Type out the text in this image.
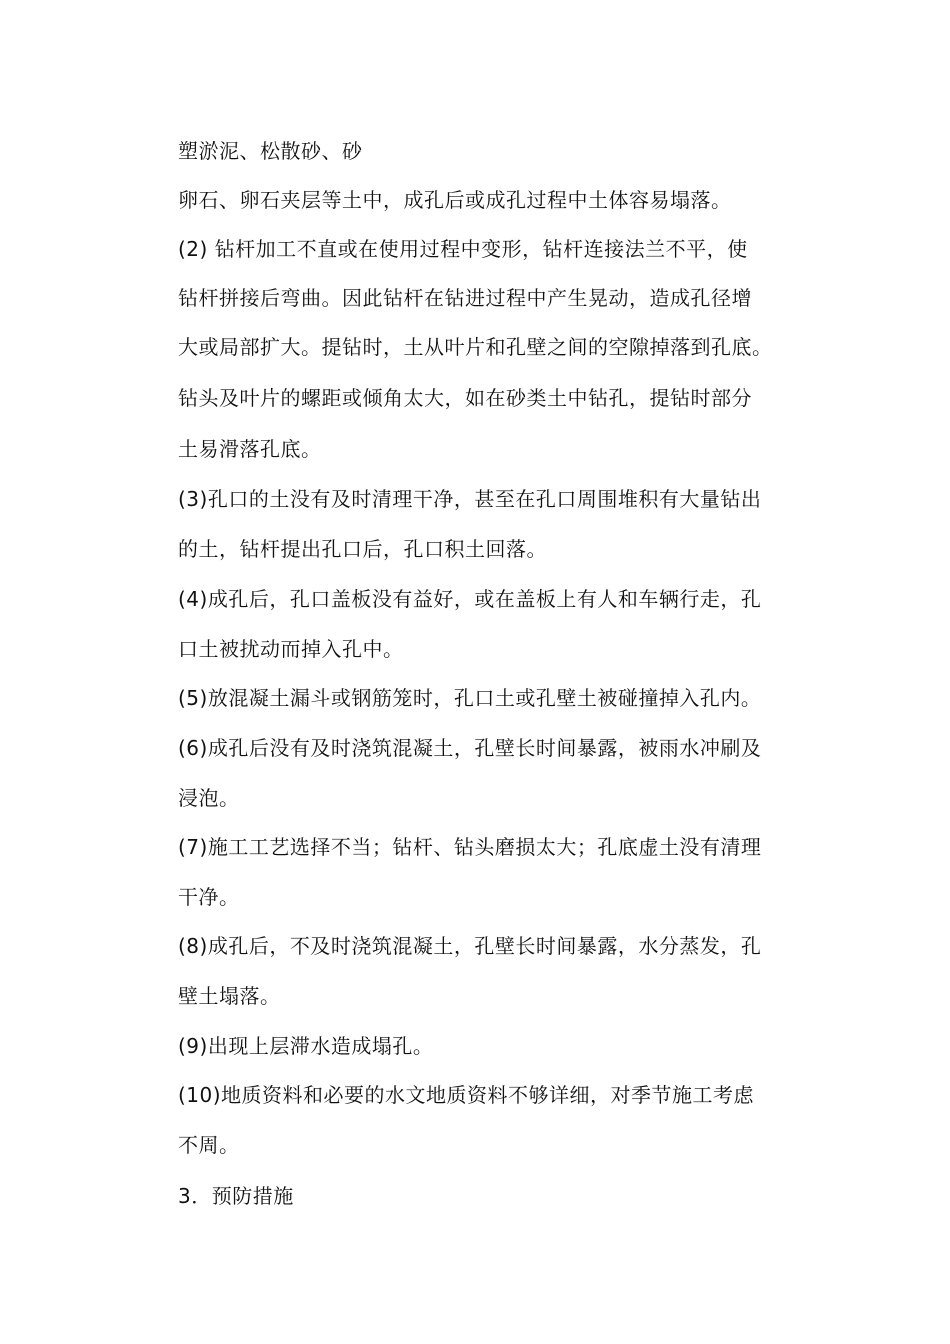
塑淤泥、松散砂、砂
卵石、卵石夹层等土中，成孔后或成孔过程中土体容易塌落。
(2) 钻杆加工不直或在使用过程中变形，钻杆连接法兰不平，使
钻杆拼接后弯曲。因此钻杆在钻进过程中产生晃动，造成孔径增
大或局部扩大。提钻时，土从叶片和孔壁之间的空隙掉落到孔底。
钻头及叶片的螺距或倾角太大，如在砂类土中钻孔，提钻时部分
土易滑落孔底。
(3)孔口的土没有及时清理干净，甚至在孔口周围堆积有大量钻出
的土，钻杆提出孔口后，孔口积土回落。
(4)成孔后，孔口盖板没有益好，或在盖板上有人和车辆行走，孔
口土被扰动而掉入孔中。
(5)放混凝土漏斗或钢筋笼时，孔口土或孔壁土被碰撞掉入孔内。
(6)成孔后没有及时浇筑混凝土，孔壁长时间暴露，被雨水冲刷及
浸泡。
(7)施工工艺选择不当；钻杆、钻头磨损太大；孔底虚土没有清理
干净。
(8)成孔后，不及时浇筑混凝土，孔壁长时间暴露，水分蒸发，孔
壁土塌落。
(9)出现上层滞水造成塌孔。
(10)地质资料和必要的水文地质资料不够详细，对季节施工考虑
不周。
3．预防措施
